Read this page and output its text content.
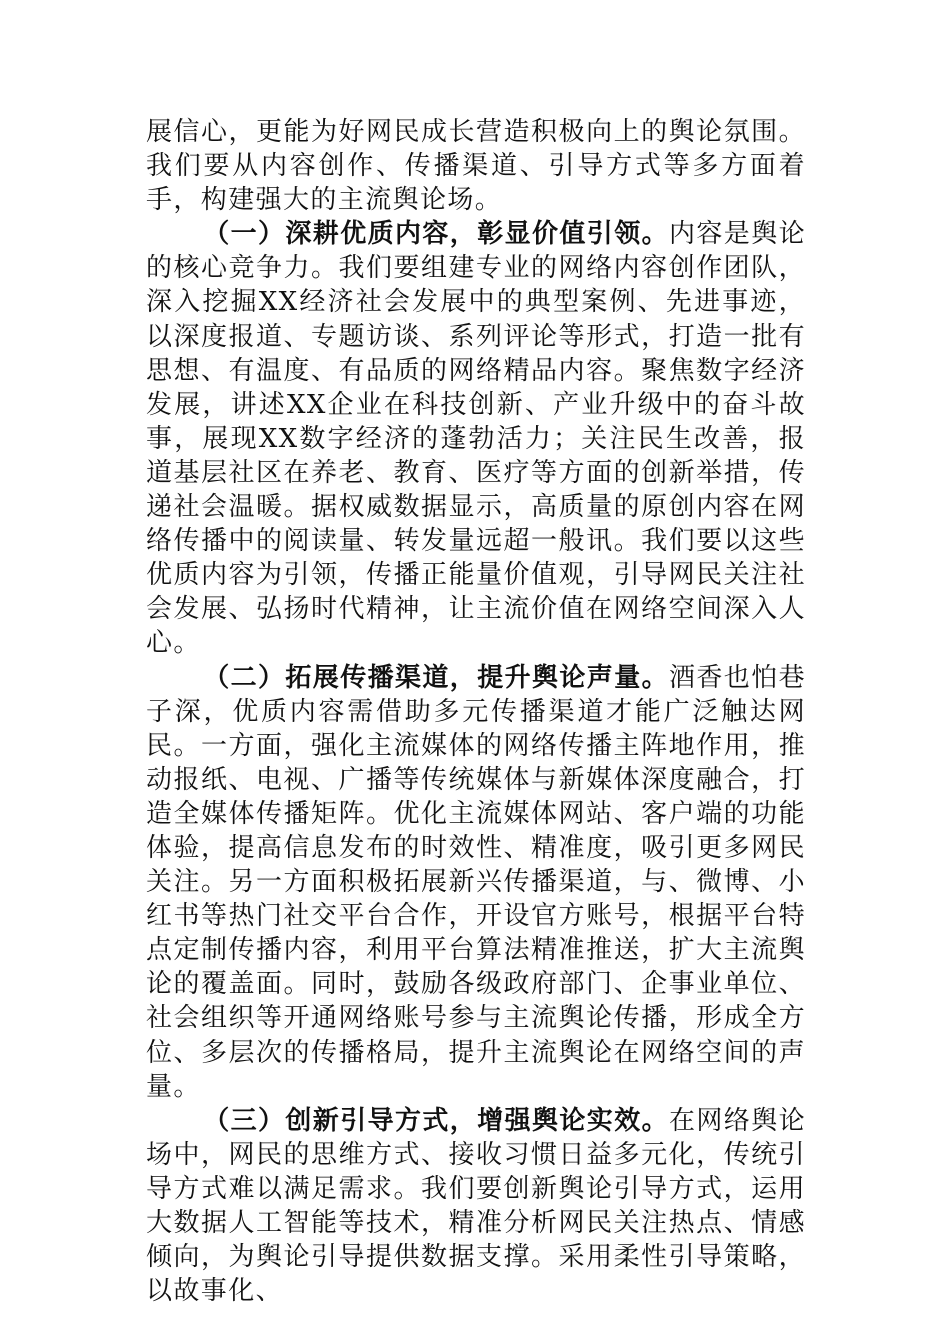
展信心，更能为好网民成长营造积极向上的舆论氛围。我们要从内容创作、传播渠道、引导方式等多方面着手，构建强大的主流舆论场。

（一）深耕优质内容，彰显价值引领。内容是舆论的核心竞争力。我们要组建专业的网络内容创作团队，深入挖掘XX经济社会发展中的典型案例、先进事迹，以深度报道、专题访谈、系列评论等形式，打造一批有思想、有温度、有品质的网络精品内容。聚焦数字经济发展，讲述XX企业在科技创新、产业升级中的奋斗故事，展现XX数字经济的蓬勃活力；关注民生改善，报道基层社区在养老、教育、医疗等方面的创新举措，传递社会温暖。据权威数据显示，高质量的原创内容在网络传播中的阅读量、转发量远超一般讯。我们要以这些优质内容为引领，传播正能量价值观，引导网民关注社会发展、弘扬时代精神，让主流价值在网络空间深入人心。

（二）拓展传播渠道，提升舆论声量。酒香也怕巷子深，优质内容需借助多元传播渠道才能广泛触达网民。一方面，强化主流媒体的网络传播主阵地作用，推动报纸、电视、广播等传统媒体与新媒体深度融合，打造全媒体传播矩阵。优化主流媒体网站、客户端的功能体验，提高信息发布的时效性、精准度，吸引更多网民关注。另一方面积极拓展新兴传播渠道，与、微博、小红书等热门社交平台合作，开设官方账号，根据平台特点定制传播内容，利用平台算法精准推送，扩大主流舆论的覆盖面。同时，鼓励各级政府部门、企事业单位、社会组织等开通网络账号参与主流舆论传播，形成全方位、多层次的传播格局，提升主流舆论在网络空间的声量。

（三）创新引导方式，增强舆论实效。在网络舆论场中，网民的思维方式、接收习惯日益多元化，传统引导方式难以满足需求。我们要创新舆论引导方式，运用大数据人工智能等技术，精准分析网民关注热点、情感倾向，为舆论引导提供数据支撑。采用柔性引导策略，以故事化、
